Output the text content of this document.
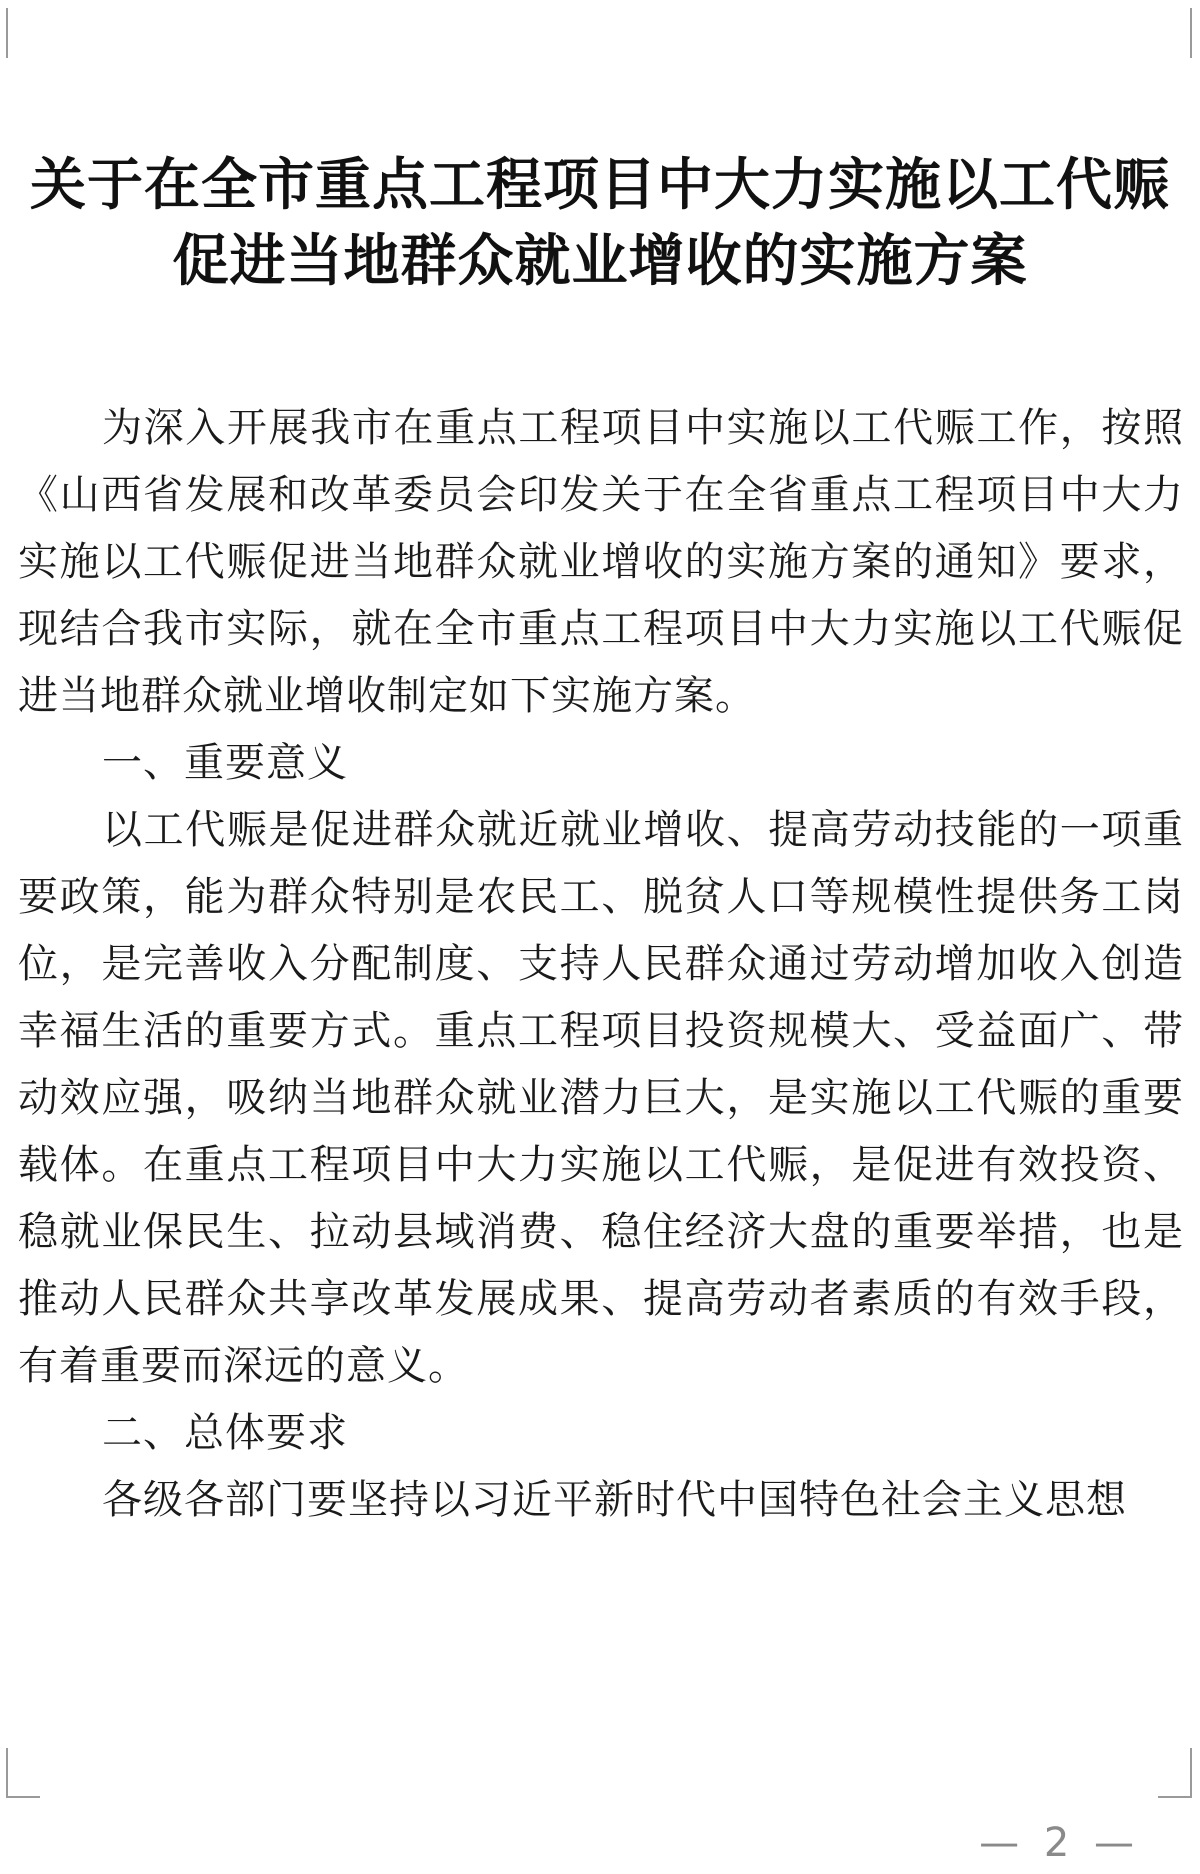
关于在全市重点工程项目中大力实施以工代赈
促进当地群众就业增收的实施方案

为深入开展我市在重点工程项目中实施以工代赈工作，按照《山西省发展和改革委员会印发关于在全省重点工程项目中大力实施以工代赈促进当地群众就业增收的实施方案的通知》要求，现结合我市实际，就在全市重点工程项目中大力实施以工代赈促进当地群众就业增收制定如下实施方案。

一、重要意义

以工代赈是促进群众就近就业增收、提高劳动技能的一项重要政策，能为群众特别是农民工、脱贫人口等规模性提供务工岗位，是完善收入分配制度、支持人民群众通过劳动增加收入创造幸福生活的重要方式。重点工程项目投资规模大、受益面广、带动效应强，吸纳当地群众就业潜力巨大，是实施以工代赈的重要载体。在重点工程项目中大力实施以工代赈，是促进有效投资、稳就业保民生、拉动县域消费、稳住经济大盘的重要举措，也是推动人民群众共享改革发展成果、提高劳动者素质的有效手段，有着重要而深远的意义。

二、总体要求

各级各部门要坚持以习近平新时代中国特色社会主义思想

— 2 —
